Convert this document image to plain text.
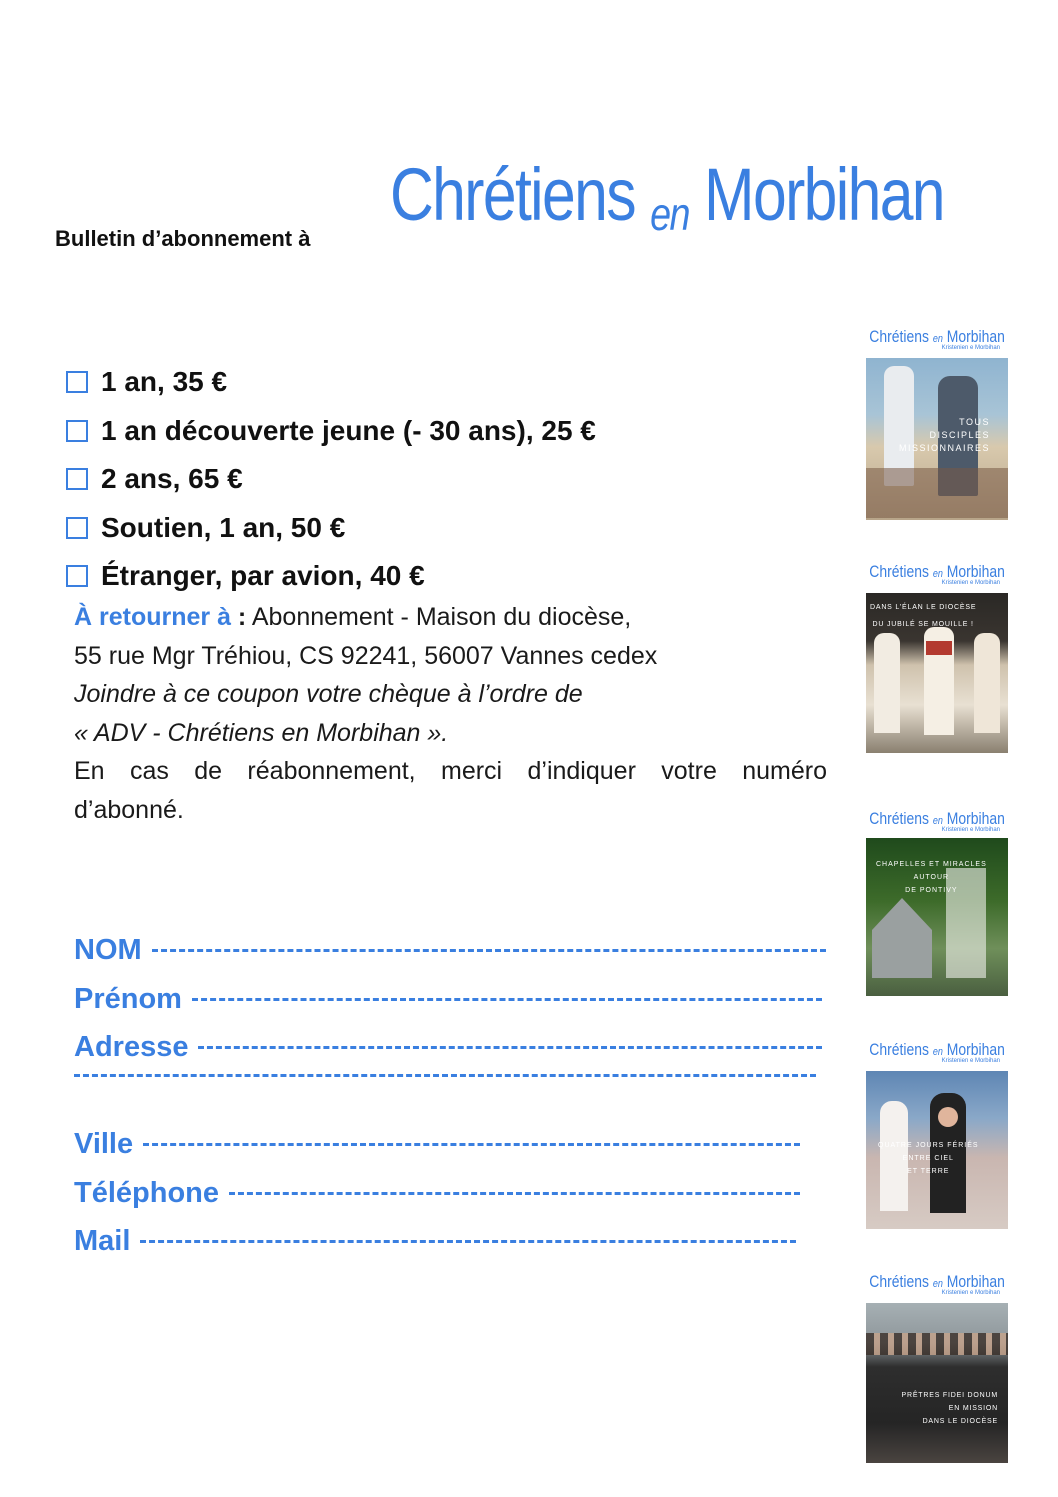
Bulletin d’abonnement à
Chrétiens en Morbihan
1 an, 35 €
1 an découverte jeune (- 30 ans), 25 €
2 ans, 65 €
Soutien, 1 an, 50 €
Étranger, par avion, 40 €
À retourner à : Abonnement - Maison du diocèse,
55 rue Mgr Tréhiou, CS 92241, 56007 Vannes cedex
Joindre à ce coupon votre chèque à l’ordre de
« ADV - Chrétiens en Morbihan ».
En cas de réabonnement, merci d’indiquer votre numéro
d’abonné.
NOM
Prénom
Adresse
Ville
Téléphone
Mail

Chrétiens en Morbihan
Kristenien e Morbihan
TOUS
DISCIPLES
MISSIONNAIRES

Chrétiens en Morbihan
Kristenien e Morbihan
DANS L’ÉLAN LE DIOCÈSE
DU JUBILÉ SE MOUILLE !

Chrétiens en Morbihan
Kristenien e Morbihan
CHAPELLES ET MIRACLES
AUTOUR
DE PONTIVY

Chrétiens en Morbihan
Kristenien e Morbihan
QUATRE JOURS FÉRIÉS
ENTRE CIEL
ET TERRE

Chrétiens en Morbihan
Kristenien e Morbihan
PRÊTRES FIDEI DONUM
EN MISSION
DANS LE DIOCÈSE
